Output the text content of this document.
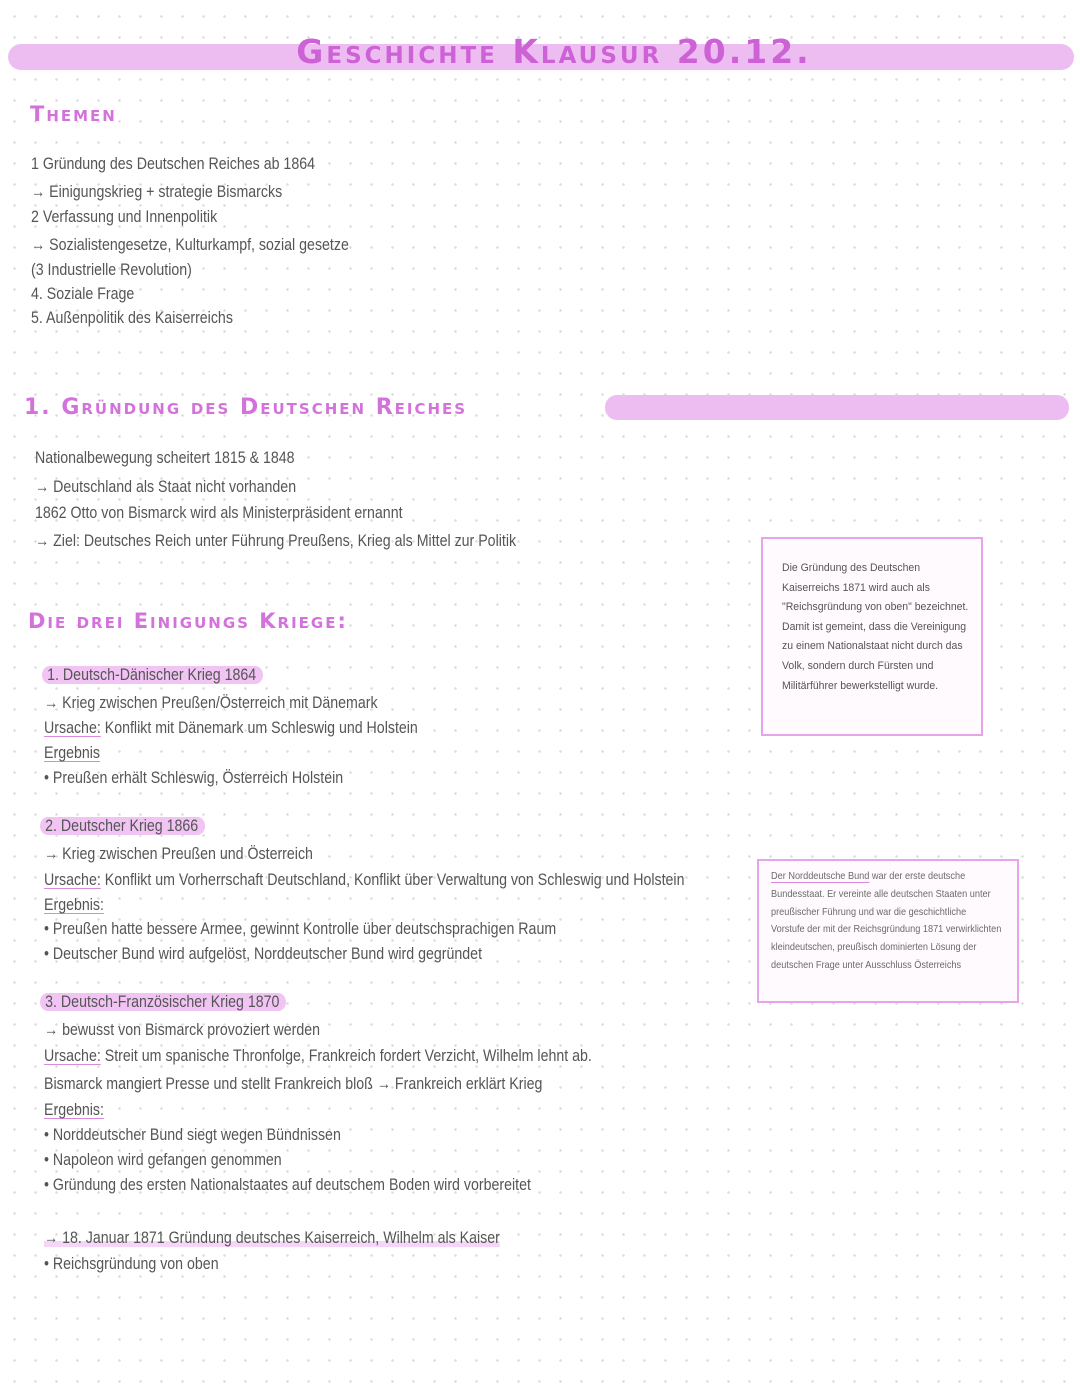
Geschichte Klausur 20.12.
Themen
1 Gründung des Deutschen Reiches ab 1864
→ Einigungskrieg + strategie Bismarcks
2 Verfassung und Innenpolitik
→ Sozialistengesetze, Kulturkampf, sozial gesetze
(3 Industrielle Revolution)
4. Soziale Frage
5. Außenpolitik des Kaiserreichs
1. Gründung des Deutschen Reiches
Nationalbewegung scheitert 1815 & 1848
→ Deutschland als Staat nicht vorhanden
1862 Otto von Bismarck wird als Ministerpräsident ernannt
→ Ziel: Deutsches Reich unter Führung Preußens, Krieg als Mittel zur Politik
Die drei Einigungs Kriege:
1. Deutsch-Dänischer Krieg 1864
→ Krieg zwischen Preußen/Österreich mit Dänemark
Ursache: Konflikt mit Dänemark um Schleswig und Holstein
Ergebnis
• Preußen erhält Schleswig, Österreich Holstein
2. Deutscher Krieg 1866
→ Krieg zwischen Preußen und Österreich
Ursache: Konflikt um Vorherrschaft Deutschland, Konflikt über Verwaltung von Schleswig und Holstein
Ergebnis:
• Preußen hatte bessere Armee, gewinnt Kontrolle über deutschsprachigen Raum
• Deutscher Bund wird aufgelöst, Norddeutscher Bund wird gegründet
3. Deutsch-Französischer Krieg 1870
→ bewusst von Bismarck provoziert werden
Ursache: Streit um spanische Thronfolge, Frankreich fordert Verzicht, Wilhelm lehnt ab.
Bismarck mangiert Presse und stellt Frankreich bloß → Frankreich erklärt Krieg
Ergebnis:
• Norddeutscher Bund siegt wegen Bündnissen
• Napoleon wird gefangen genommen
• Gründung des ersten Nationalstaates auf deutschem Boden wird vorbereitet
→ 18. Januar 1871 Gründung deutsches Kaiserreich, Wilhelm als Kaiser
• Reichsgründung von oben

Die Gründung des Deutschen Kaiserreichs 1871 wird auch als "Reichsgründung von oben" bezeichnet. Damit ist gemeint, dass die Vereinigung zu einem Nationalstaat nicht durch das Volk, sondern durch Fürsten und Militärführer bewerkstelligt wurde.

Der Norddeutsche Bund war der erste deutsche Bundesstaat. Er vereinte alle deutschen Staaten unter preußischer Führung und war die geschichtliche Vorstufe der mit der Reichsgründung 1871 verwirklichten kleindeutschen, preußisch dominierten Lösung der deutschen Frage unter Ausschluss Österreichs
